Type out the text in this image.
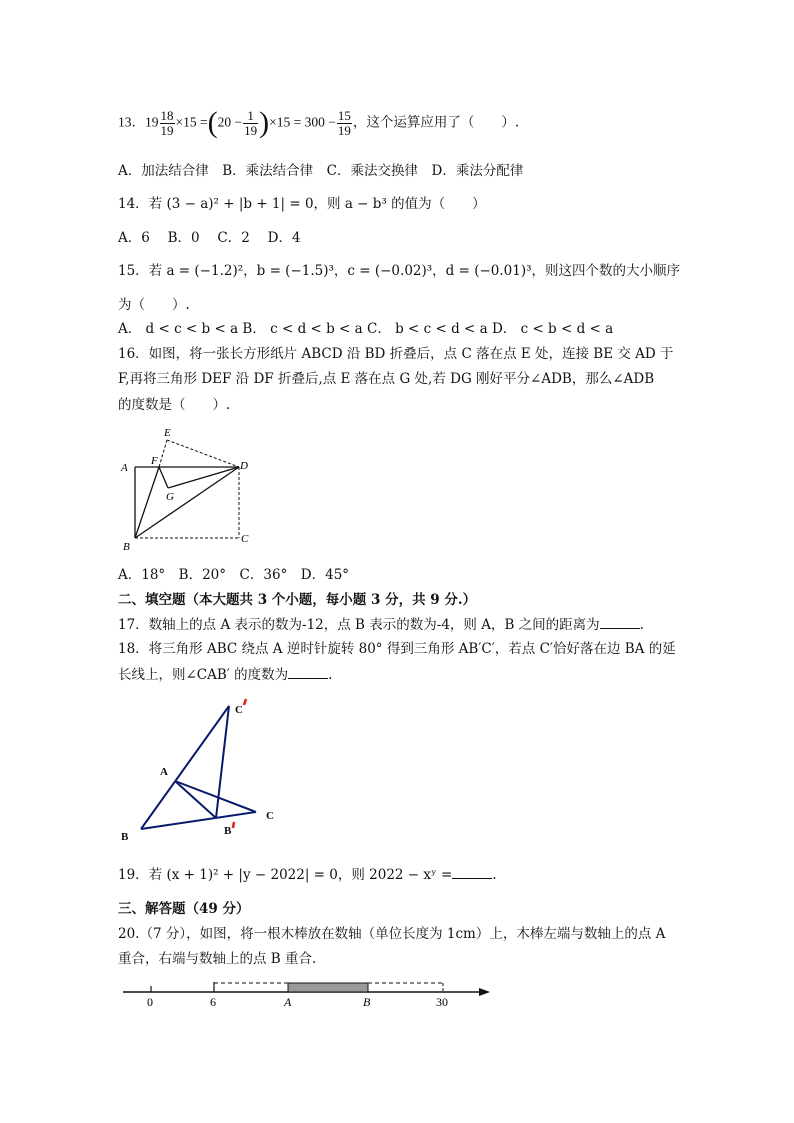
13．$19 \frac{18}{19} \times 15 =(20 - \frac{1}{19} )\times 15 = 300 - \frac{15}{19}$ ，这个运算应用了（　　）.
A．加法结合律　B．乘法结合律　C．乘法交换律　D．乘法分配律
14．若 (3 − a)² + |b + 1| = 0，则 a − b³ 的值为（　　）
A．6　 B．0　 C．2　 D．4
15．若 a = (−1.2)²，b = (−1.5)³，c = (−0.02)³，d = (−0.01)³，则这四个数的大小顺序
为（　　）.
A． d < c < b < a B． c < d < b < a C． b < c < d < a D． c < b < d < a
16．如图，将一张长方形纸片 ABCD 沿 BD 折叠后，点 C 落在点 E 处，连接 BE 交 AD 于
F,再将三角形 DEF 沿 DF 折叠后,点 E 落在点 G 处,若 DG 刚好平分∠ADB，那么∠ADB
的度数是（　　）.
A
B
C
D
E
F
G
A．18°　B．20°　C．36°　D．45°
二、填空题（本大题共 3 个小题，每小题 3 分，共 9 分.）
17．数轴上的点 A 表示的数为-12，点 B 表示的数为-4，则 A，B 之间的距离为	.
18．将三角形 ABC 绕点 A 逆时针旋转 80° 得到三角形 AB′C′，若点 C′恰好落在边 BA 的延
长线上，则∠CAB′ 的度数为	.
A
B
C
C
B
19．若 (x + 1)² + |y − 2022| = 0，则 2022 − xʸ =	.
三、解答题（49 分）
20.（7 分），如图，将一根木棒放在数轴（单位长度为 1cm）上，木棒左端与数轴上的点 A
重合，右端与数轴上的点 B 重合.
0	6	A	B	30
